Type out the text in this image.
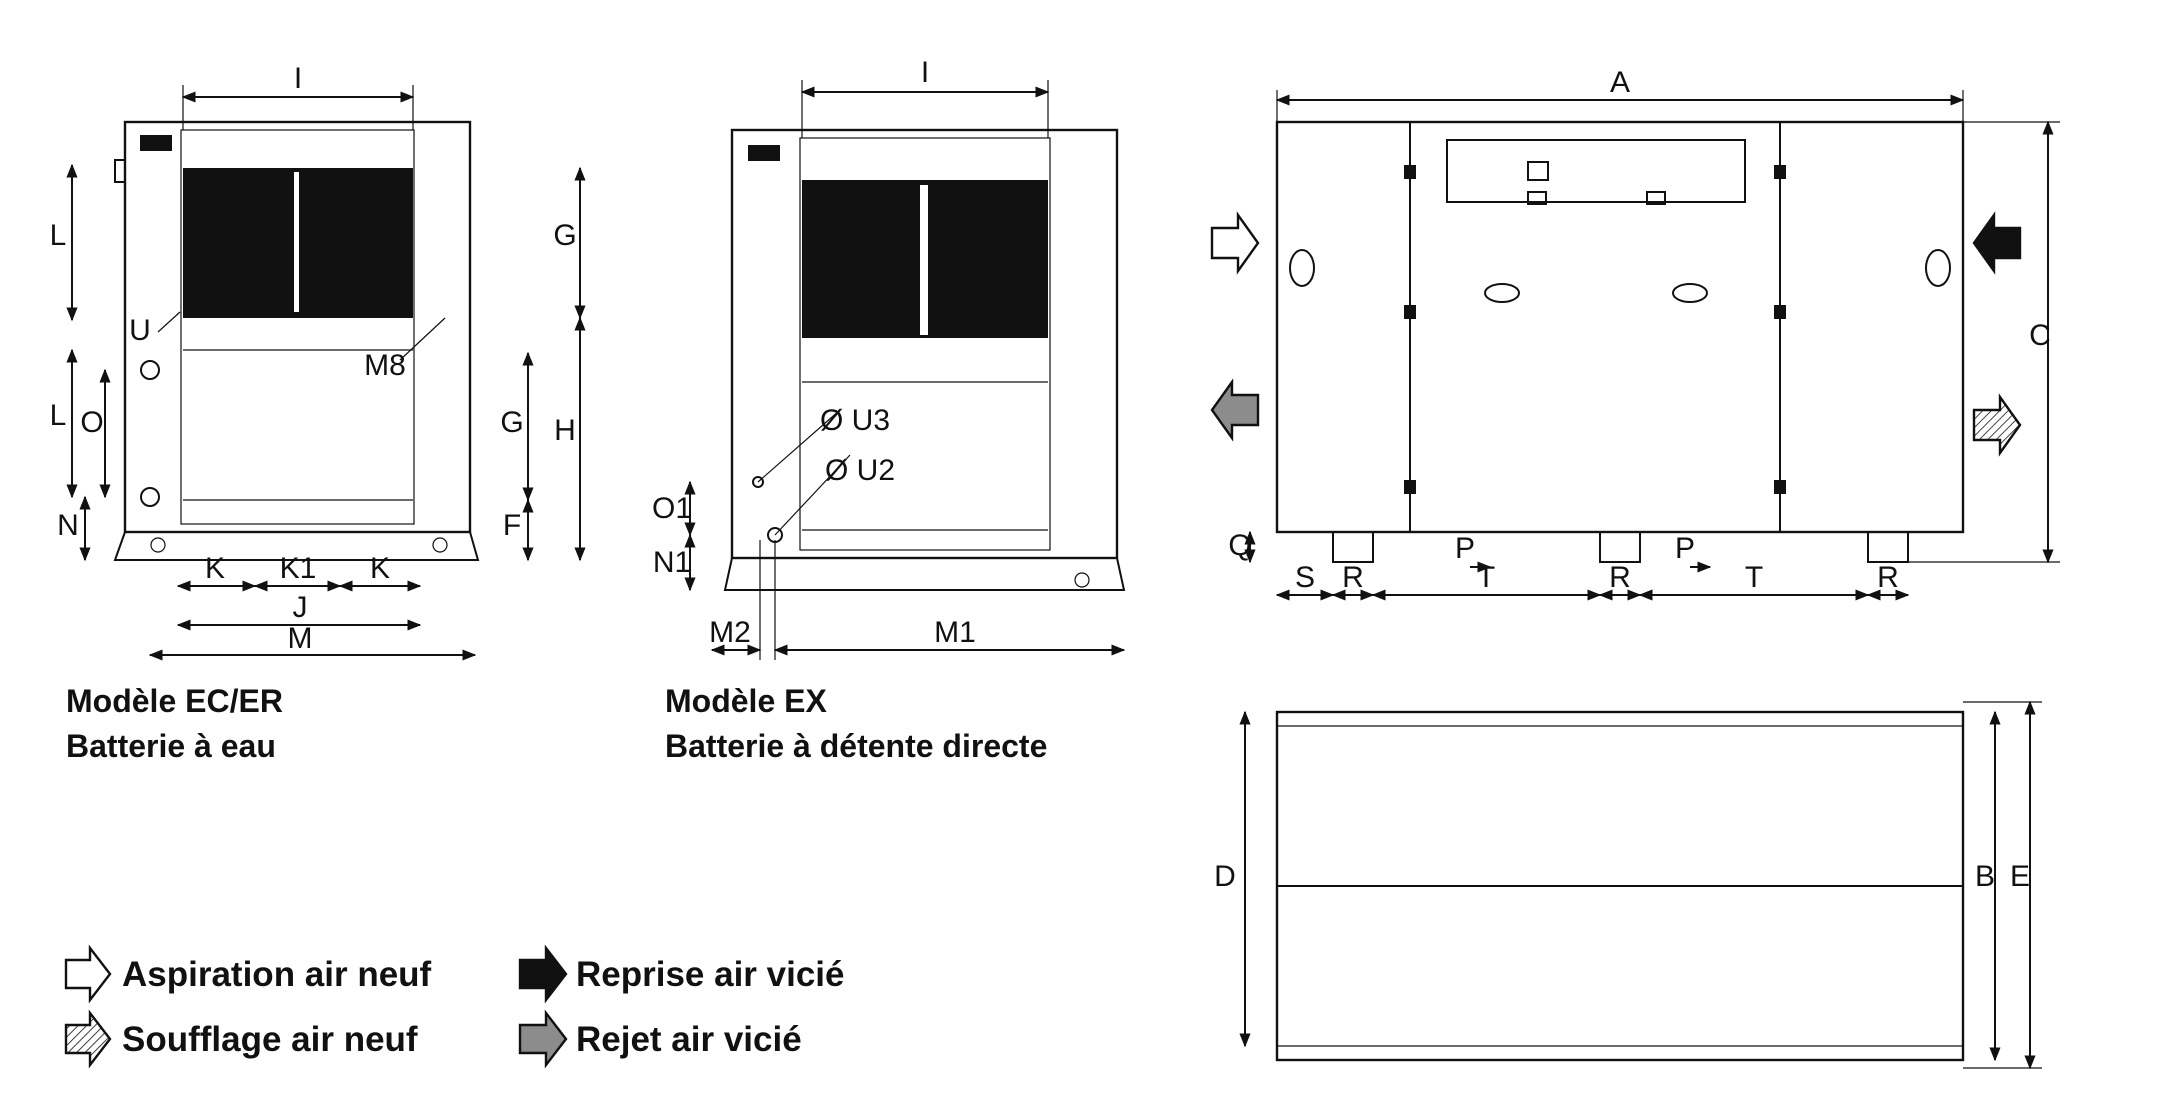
I
L
L O
N
U
M8
G
G H
F
K K1 K
J
M
Modèle EC/ER
Batterie à eau
I
Ø U3
Ø U2
O1
N1
M2	M1
Modèle EX
Batterie à détente directe
A
C
Q
S R	T	R	T	R
P	P
D	B E
Aspiration air neuf
Soufflage air neuf
Reprise air vicié
Rejet air vicié
